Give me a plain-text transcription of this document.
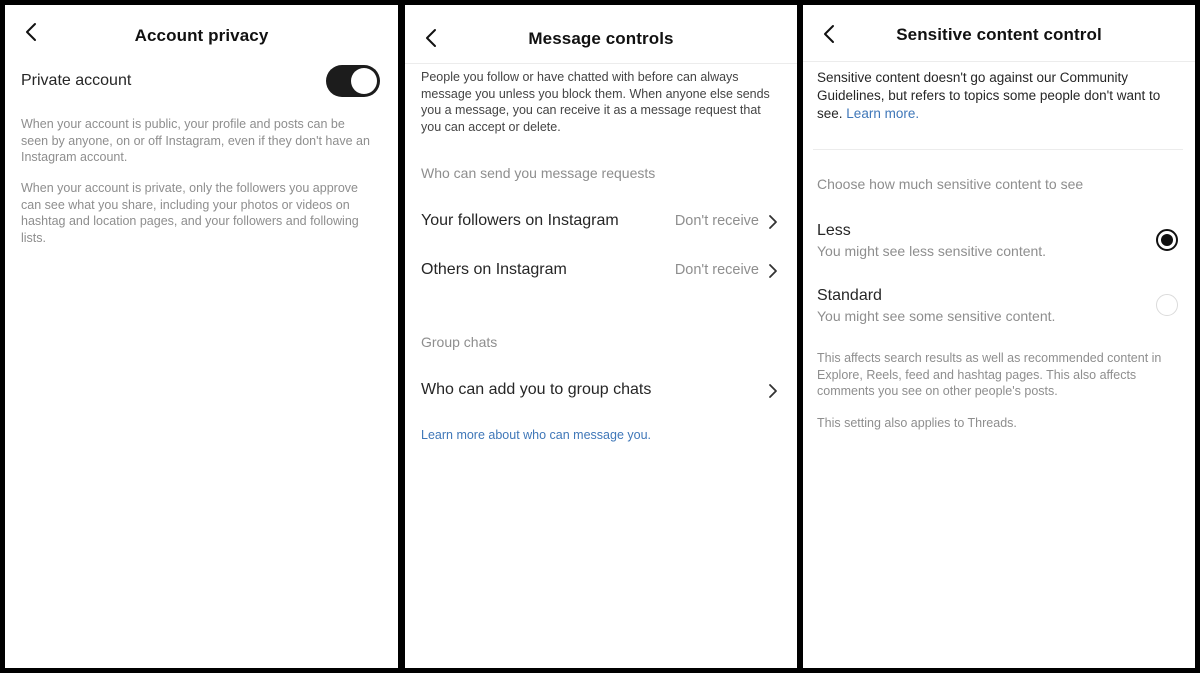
Account privacy
Private account
When your account is public, your profile and posts can be seen by anyone, on or off Instagram, even if they don't have an Instagram account.
When your account is private, only the followers you approve can see what you share, including your photos or videos on hashtag and location pages, and your followers and following lists.
Message controls
People you follow or have chatted with before can always message you unless you block them. When anyone else sends you a message, you can receive it as a message request that you can accept or delete.
Who can send you message requests
Your followers on Instagram	Don't receive
Others on Instagram	Don't receive
Group chats
Who can add you to group chats
Learn more about who can message you.
Sensitive content control
Sensitive content doesn't go against our Community Guidelines, but refers to topics some people don't want to see. Learn more.
Choose how much sensitive content to see
Less
You might see less sensitive content.
Standard
You might see some sensitive content.
This affects search results as well as recommended content in Explore, Reels, feed and hashtag pages. This also affects comments you see on other people's posts.
This setting also applies to Threads.
